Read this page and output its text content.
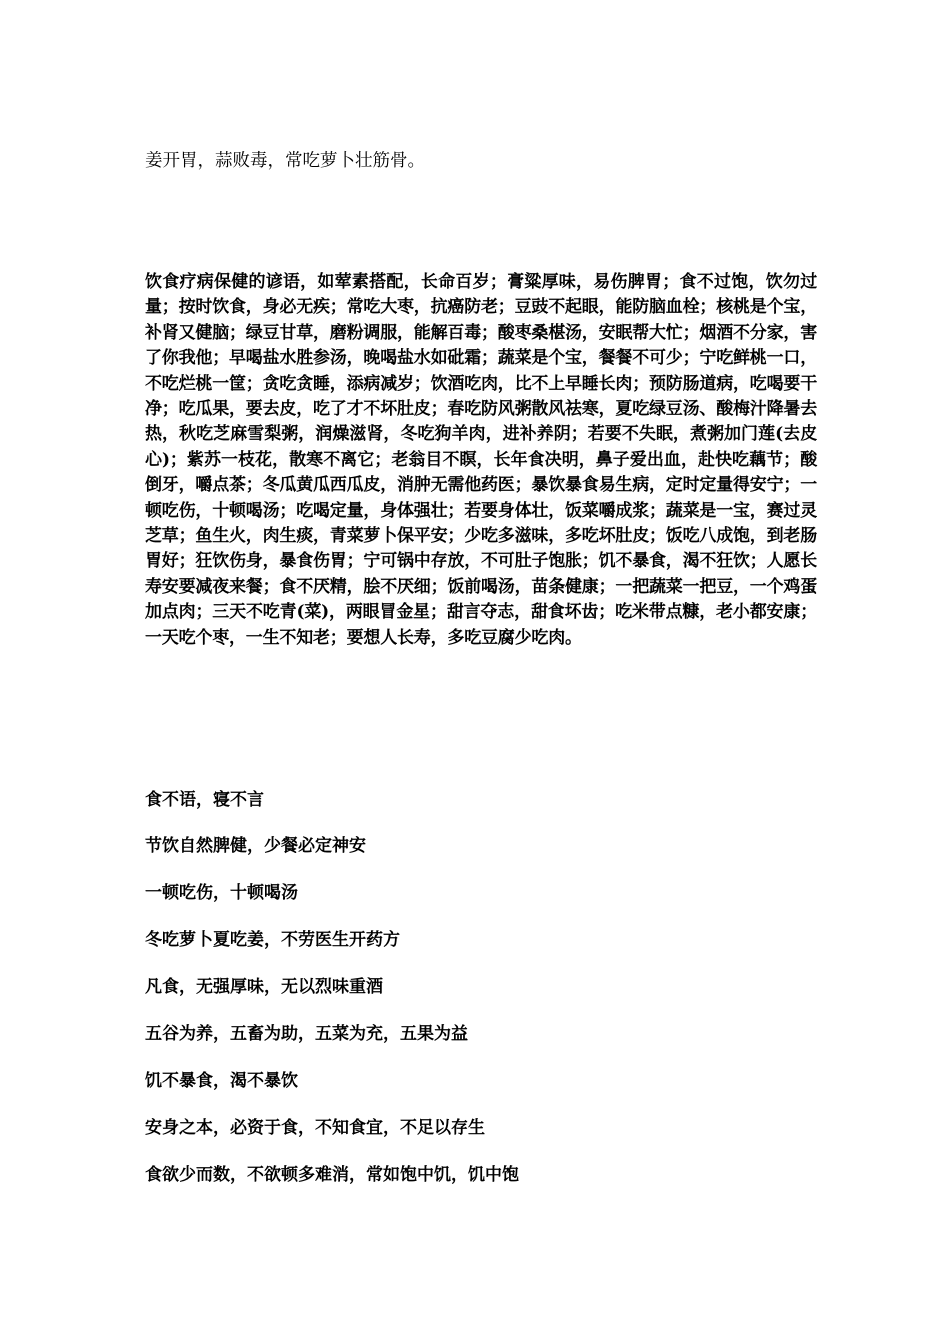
姜开胃，蒜败毒，常吃萝卜壮筋骨。

饮食疗病保健的谚语，如荤素搭配，长命百岁；膏粱厚味，易伤脾胃；食不过饱，饮勿过量；按时饮食，身必无疾；常吃大枣，抗癌防老；豆豉不起眼，能防脑血栓；核桃是个宝，补肾又健脑；绿豆甘草，磨粉调服，能解百毒；酸枣桑椹汤，安眠帮大忙；烟酒不分家，害了你我他；早喝盐水胜参汤，晚喝盐水如砒霜；蔬菜是个宝，餐餐不可少；宁吃鲜桃一口，不吃烂桃一筐；贪吃贪睡，添病减岁；饮酒吃肉，比不上早睡长肉；预防肠道病，吃喝要干净；吃瓜果，要去皮，吃了才不坏肚皮；春吃防风粥散风祛寒，夏吃绿豆汤、酸梅汁降暑去热，秋吃芝麻雪梨粥，润燥滋肾，冬吃狗羊肉，进补养阴；若要不失眠，煮粥加门莲(去皮心)；紫苏一枝花，散寒不离它；老翁目不瞑，长年食决明，鼻子爱出血，赴快吃藕节；酸倒牙，嚼点茶；冬瓜黄瓜西瓜皮，消肿无需他药医；暴饮暴食易生病，定时定量得安宁；一顿吃伤，十顿喝汤；吃喝定量，身体强壮；若要身体壮，饭菜嚼成浆；蔬菜是一宝，赛过灵芝草；鱼生火，肉生痰，青菜萝卜保平安；少吃多滋味，多吃坏肚皮；饭吃八成饱，到老肠胃好；狂饮伤身，暴食伤胃；宁可锅中存放，不可肚子饱胀；饥不暴食，渴不狂饮；人愿长寿安要减夜来餐；食不厌精，脍不厌细；饭前喝汤，苗条健康；一把蔬菜一把豆，一个鸡蛋加点肉；三天不吃青(菜)，两眼冒金星；甜言夺志，甜食坏齿；吃米带点糠，老小都安康；一天吃个枣，一生不知老；要想人长寿，多吃豆腐少吃肉。

食不语，寝不言
节饮自然脾健，少餐必定神安
一顿吃伤，十顿喝汤
冬吃萝卜夏吃姜，不劳医生开药方
凡食，无强厚味，无以烈味重酒
五谷为养，五畜为助，五菜为充，五果为益
饥不暴食，渴不暴饮
安身之本，必资于食，不知食宜，不足以存生
食欲少而数，不欲顿多难消，常如饱中饥，饥中饱
